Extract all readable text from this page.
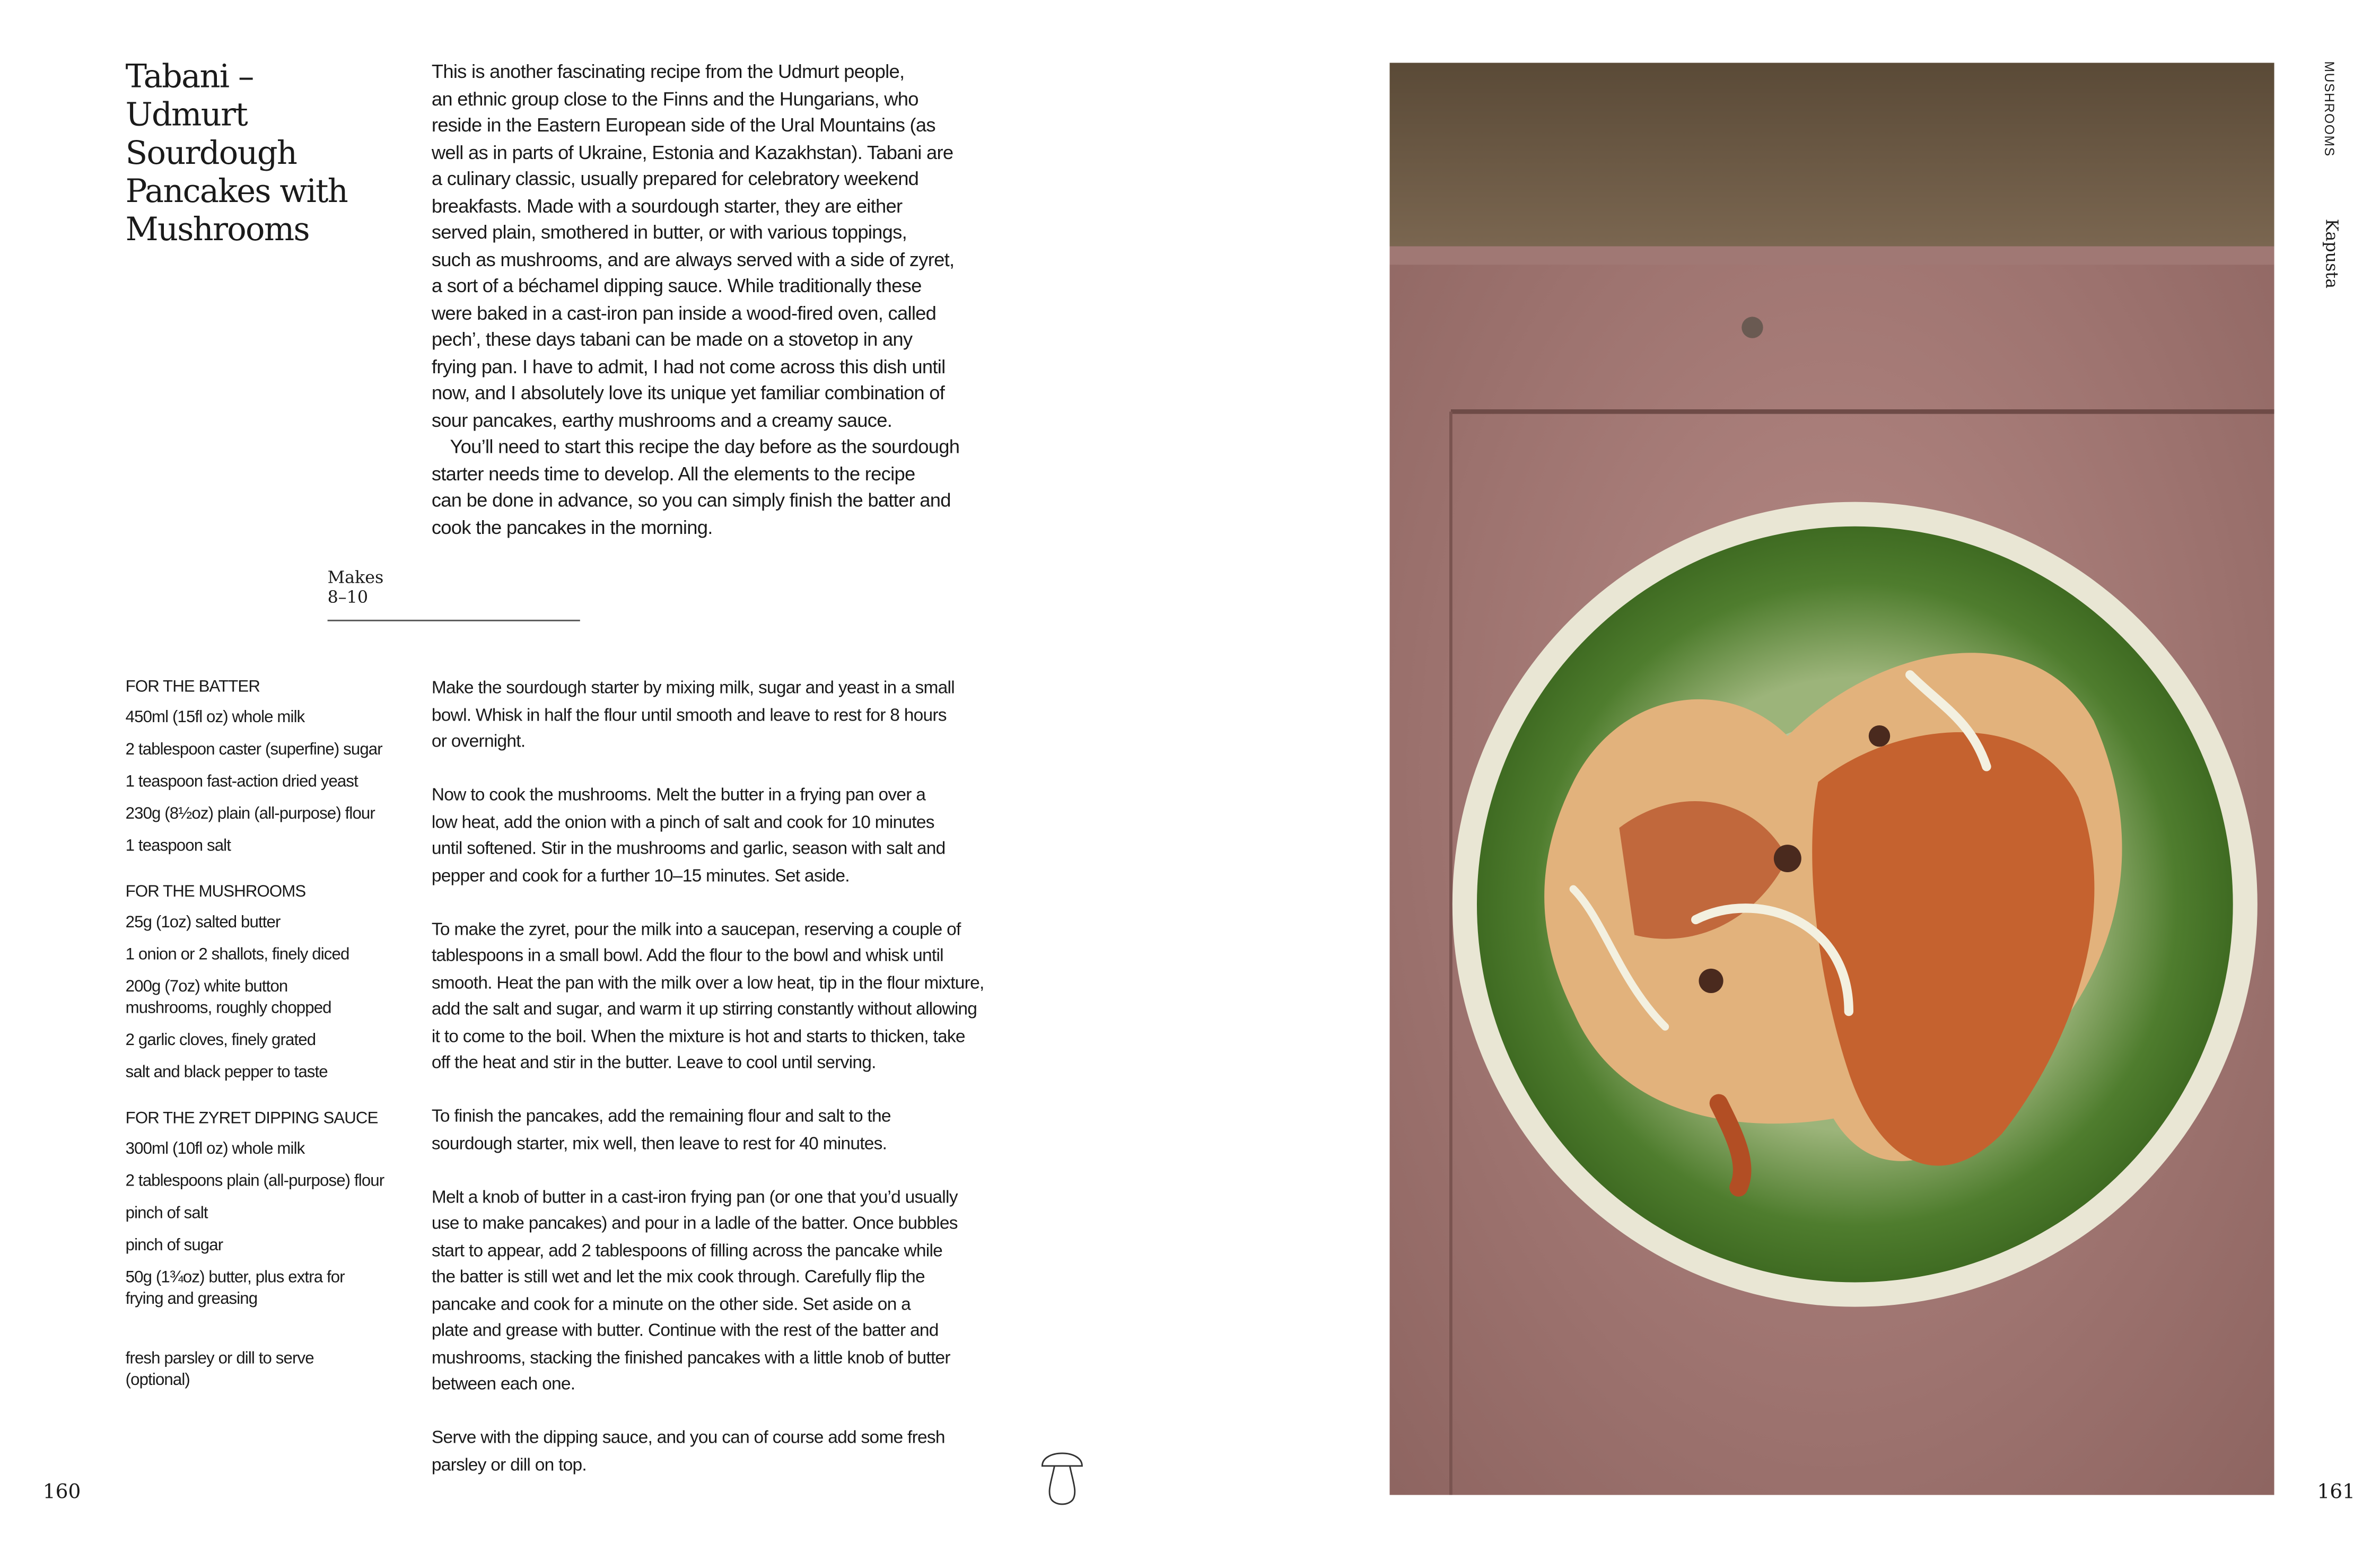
Tabani –
Udmurt
Sourdough
Pancakes with
Mushrooms
This is another fascinating recipe from the Udmurt people,
an ethnic group close to the Finns and the Hungarians, who
reside in the Eastern European side of the Ural Mountains (as
well as in parts of Ukraine, Estonia and Kazakhstan). Tabani are
a culinary classic, usually prepared for celebratory weekend
breakfasts. Made with a sourdough starter, they are either
served plain, smothered in butter, or with various toppings,
such as mushrooms, and are always served with a side of zyret,
a sort of a béchamel dipping sauce. While traditionally these
were baked in a cast-iron pan inside a wood-fired oven, called
pech’, these days tabani can be made on a stovetop in any
frying pan. I have to admit, I had not come across this dish until
now, and I absolutely love its unique yet familiar combination of
sour pancakes, earthy mushrooms and a creamy sauce.
You’ll need to start this recipe the day before as the sourdough
starter needs time to develop. All the elements to the recipe
can be done in advance, so you can simply finish the batter and
cook the pancakes in the morning.
Makes
8–10
FOR THE BATTER
450ml (15fl oz) whole milk
2 tablespoon caster (superfine) sugar
1 teaspoon fast-action dried yeast
230g (8½oz) plain (all-purpose) flour
1 teaspoon salt
FOR THE MUSHROOMS
25g (1oz) salted butter
1 onion or 2 shallots, finely diced
200g (7oz) white button
mushrooms, roughly chopped
2 garlic cloves, finely grated
salt and black pepper to taste
FOR THE ZYRET DIPPING SAUCE
300ml (10fl oz) whole milk
2 tablespoons plain (all-purpose) flour
pinch of salt
pinch of sugar
50g (1¾oz) butter, plus extra for
frying and greasing
fresh parsley or dill to serve
(optional)
Make the sourdough starter by mixing milk, sugar and yeast in a small
bowl. Whisk in half the flour until smooth and leave to rest for 8 hours
or overnight.
Now to cook the mushrooms. Melt the butter in a frying pan over a
low heat, add the onion with a pinch of salt and cook for 10 minutes
until softened. Stir in the mushrooms and garlic, season with salt and
pepper and cook for a further 10–15 minutes. Set aside.
To make the zyret, pour the milk into a saucepan, reserving a couple of
tablespoons in a small bowl. Add the flour to the bowl and whisk until
smooth. Heat the pan with the milk over a low heat, tip in the flour mixture,
add the salt and sugar, and warm it up stirring constantly without allowing
it to come to the boil. When the mixture is hot and starts to thicken, take
off the heat and stir in the butter. Leave to cool until serving.
To finish the pancakes, add the remaining flour and salt to the
sourdough starter, mix well, then leave to rest for 40 minutes.
Melt a knob of butter in a cast-iron frying pan (or one that you’d usually
use to make pancakes) and pour in a ladle of the batter. Once bubbles
start to appear, add 2 tablespoons of filling across the pancake while
the batter is still wet and let the mix cook through. Carefully flip the
pancake and cook for a minute on the other side. Set aside on a
plate and grease with butter. Continue with the rest of the batter and
mushrooms, stacking the finished pancakes with a little knob of butter
between each one.
Serve with the dipping sauce, and you can of course add some fresh
parsley or dill on top.
160	161
MUSHROOMS
Kapusta
